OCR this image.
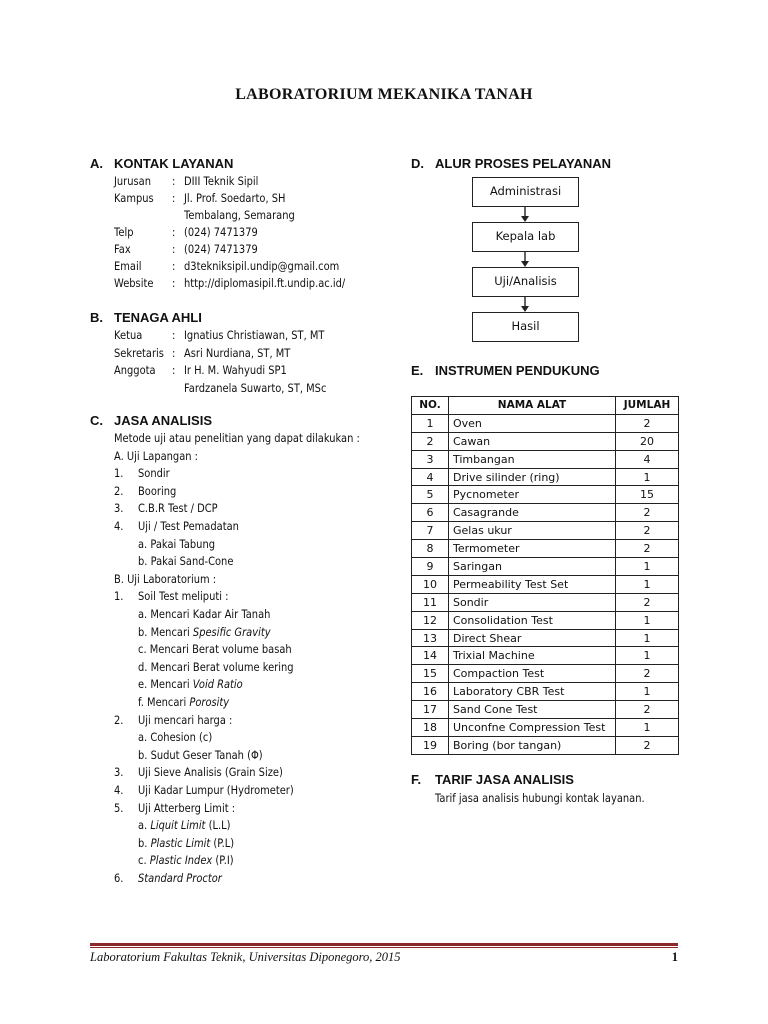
LABORATORIUM MEKANIKA TANAH
A. KONTAK LAYANAN
Jurusan : DIII Teknik Sipil
Kampus : Jl. Prof. Soedarto, SH
Tembalang, Semarang
Telp	: (024) 7471379
Fax	: (024) 7471379
Email	: d3tekniksipil.undip@gmail.com
Website : http://diplomasipil.ft.undip.ac.id/
B. TENAGA AHLI
Ketua	: Ignatius Christiawan, ST, MT
Sekretaris : Asri Nurdiana, ST, MT
Anggota : Ir H. M. Wahyudi SP1
Fardzanela Suwarto, ST, MSc
C. JASA ANALISIS
Metode uji atau penelitian yang dapat dilakukan :
A. Uji Lapangan :
1. Sondir
2. Booring
3. C.B.R Test / DCP
4. Uji / Test Pemadatan
a. Pakai Tabung
b. Pakai Sand-Cone
B. Uji Laboratorium :
1. Soil Test meliputi :
a. Mencari Kadar Air Tanah
b. Mencari Spesific Gravity
c. Mencari Berat volume basah
d. Mencari Berat volume kering
e. Mencari Void Ratio
f. Mencari Porosity
2. Uji mencari harga :
a. Cohesion (c)
b. Sudut Geser Tanah (Φ)
3. Uji Sieve Analisis (Grain Size)
4. Uji Kadar Lumpur (Hydrometer)
5. Uji Atterberg Limit :
a. Liquit Limit (L.L)
b. Plastic Limit (P.L)
c. Plastic Index (P.I)
6. Standard Proctor
D. ALUR PROSES PELAYANAN
Administrasi
Kepala lab
Uji/Analisis
Hasil
E. INSTRUMEN PENDUKUNG
NO.	NAMA ALAT	JUMLAH
1	Oven	2
2	Cawan	20
3	Timbangan	4
4	Drive silinder (ring)	1
5	Pycnometer	15
6	Casagrande	2
7	Gelas ukur	2
8	Termometer	2
9	Saringan	1
10	Permeability Test Set	1
11	Sondir	2
12	Consolidation Test	1
13	Direct Shear	1
14	Trixial Machine	1
15	Compaction Test	2
16	Laboratory CBR Test	1
17	Sand Cone Test	2
18	Unconfne Compression Test	1
19	Boring (bor tangan)	2
F. TARIF JASA ANALISIS
Tarif jasa analisis hubungi kontak layanan.
Laboratorium Fakultas Teknik, Universitas Diponegoro, 2015	1
